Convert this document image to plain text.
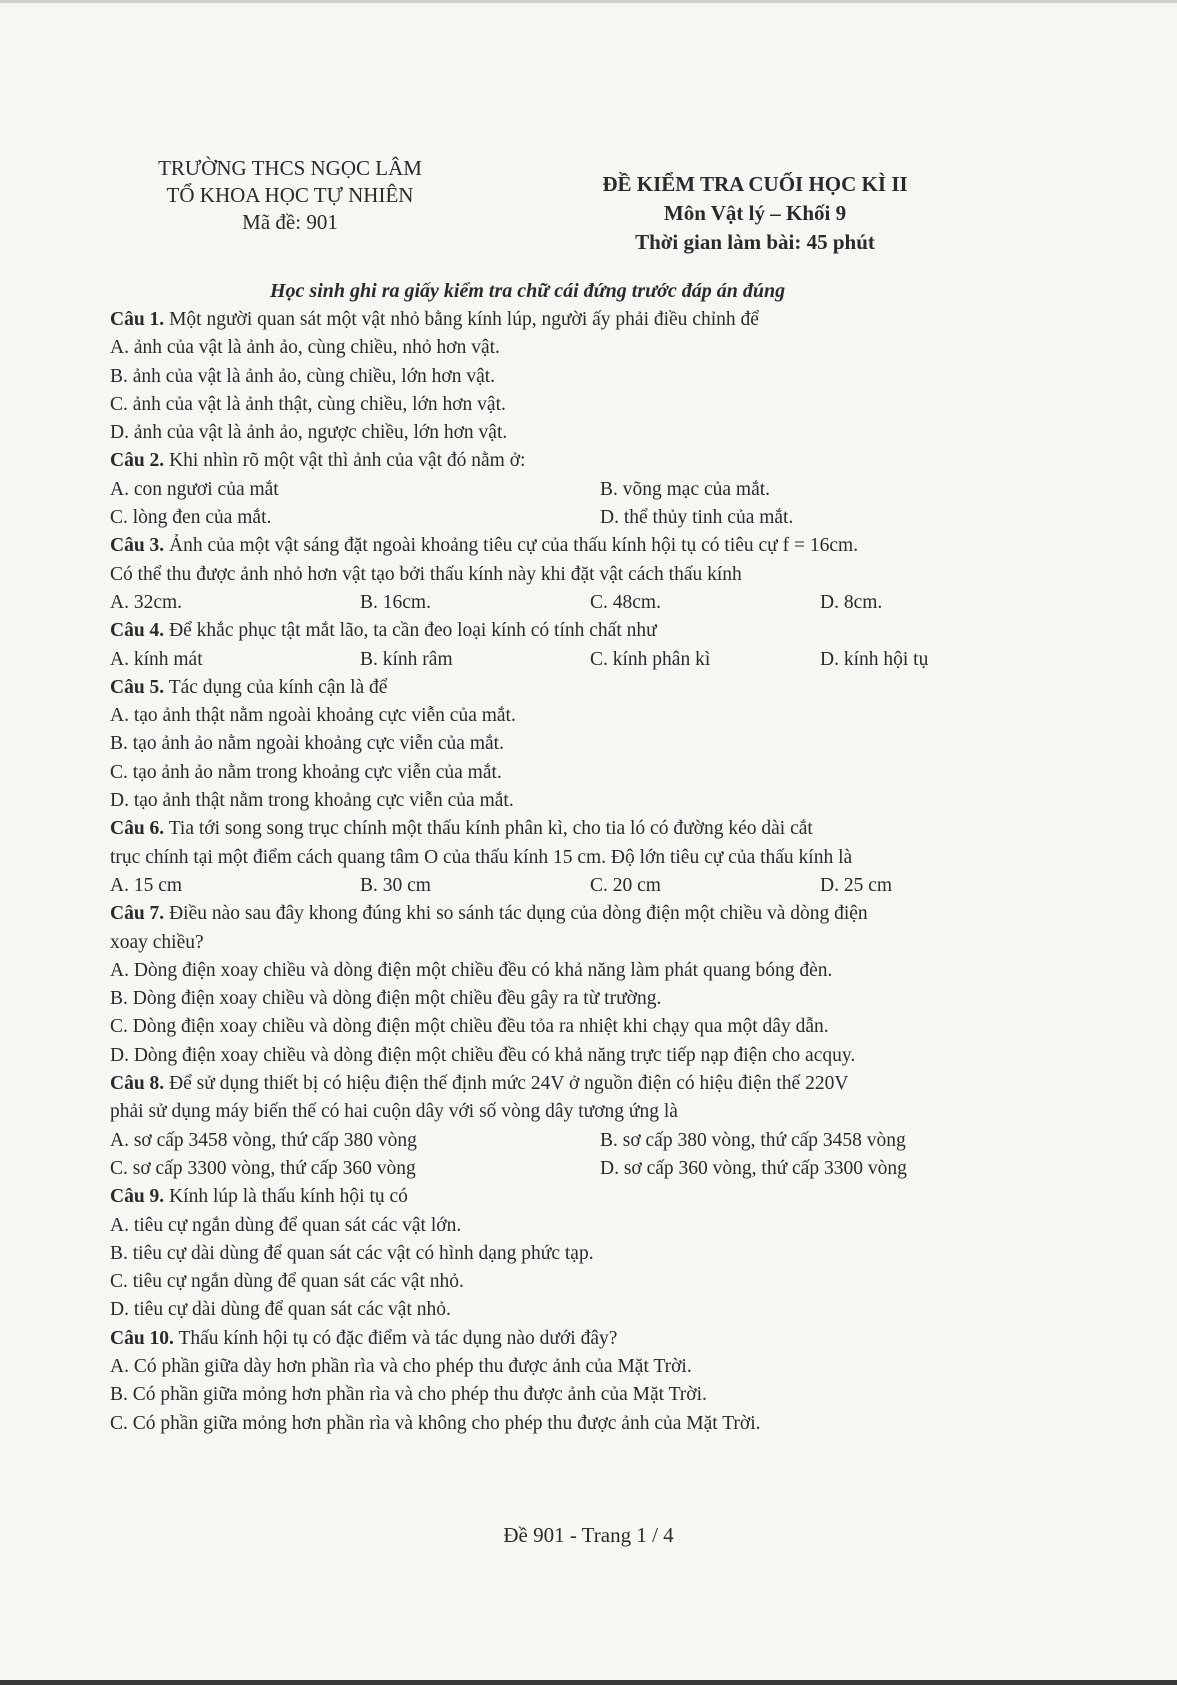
TRƯỜNG THCS NGỌC LÂM
TỔ KHOA HỌC TỰ NHIÊN
Mã đề: 901
ĐỀ KIỂM TRA CUỐI HỌC KÌ II
Môn Vật lý – Khối 9
Thời gian làm bài: 45 phút
Học sinh ghi ra giấy kiểm tra chữ cái đứng trước đáp án đúng
Câu 1. Một người quan sát một vật nhỏ bằng kính lúp, người ấy phải điều chỉnh để
A. ảnh của vật là ảnh ảo, cùng chiều, nhỏ hơn vật.
B. ảnh của vật là ảnh ảo, cùng chiều, lớn hơn vật.
C. ảnh của vật là ảnh thật, cùng chiều, lớn hơn vật.
D. ảnh của vật là ảnh ảo, ngược chiều, lớn hơn vật.
Câu 2. Khi nhìn rõ một vật thì ảnh của vật đó nằm ở:
A. con ngươi của mắt	B. võng mạc của mắt.
C. lòng đen của mắt.	D. thể thủy tinh của mắt.
Câu 3. Ảnh của một vật sáng đặt ngoài khoảng tiêu cự của thấu kính hội tụ có tiêu cự f = 16cm.
Có thể thu được ảnh nhỏ hơn vật tạo bởi thấu kính này khi đặt vật cách thấu kính
A. 32cm.	B. 16cm.	C. 48cm.	D. 8cm.
Câu 4. Để khắc phục tật mắt lão, ta cần đeo loại kính có tính chất như
A. kính mát	B. kính râm	C. kính phân kì	D. kính hội tụ
Câu 5. Tác dụng của kính cận là để
A. tạo ảnh thật nằm ngoài khoảng cực viễn của mắt.
B. tạo ảnh ảo nằm ngoài khoảng cực viễn của mắt.
C. tạo ảnh ảo nằm trong khoảng cực viễn của mắt.
D. tạo ảnh thật nằm trong khoảng cực viễn của mắt.
Câu 6. Tia tới song song trục chính một thấu kính phân kì, cho tia ló có đường kéo dài cắt
trục chính tại một điểm cách quang tâm O của thấu kính 15 cm. Độ lớn tiêu cự của thấu kính là
A. 15 cm	B. 30 cm	C. 20 cm	D. 25 cm
Câu 7. Điều nào sau đây khong đúng khi so sánh tác dụng của dòng điện một chiều và dòng điện
xoay chiều?
A. Dòng điện xoay chiều và dòng điện một chiều đều có khả năng làm phát quang bóng đèn.
B. Dòng điện xoay chiều và dòng điện một chiều đều gây ra từ trường.
C. Dòng điện xoay chiều và dòng điện một chiều đều tỏa ra nhiệt khi chạy qua một dây dẫn.
D. Dòng điện xoay chiều và dòng điện một chiều đều có khả năng trực tiếp nạp điện cho acquy.
Câu 8. Để sử dụng thiết bị có hiệu điện thế định mức 24V ở nguồn điện có hiệu điện thế 220V
phải sử dụng máy biến thế có hai cuộn dây với số vòng dây tương ứng là
A. sơ cấp 3458 vòng, thứ cấp 380 vòng	B. sơ cấp 380 vòng, thứ cấp 3458 vòng
C. sơ cấp 3300 vòng, thứ cấp 360 vòng	D. sơ cấp 360 vòng, thứ cấp 3300 vòng
Câu 9. Kính lúp là thấu kính hội tụ có
A. tiêu cự ngắn dùng để quan sát các vật lớn.
B. tiêu cự dài dùng để quan sát các vật có hình dạng phức tạp.
C. tiêu cự ngắn dùng để quan sát các vật nhỏ.
D. tiêu cự dài dùng để quan sát các vật nhỏ.
Câu 10. Thấu kính hội tụ có đặc điểm và tác dụng nào dưới đây?
A. Có phần giữa dày hơn phần rìa và cho phép thu được ảnh của Mặt Trời.
B. Có phần giữa mỏng hơn phần rìa và cho phép thu được ảnh của Mặt Trời.
C. Có phần giữa mỏng hơn phần rìa và không cho phép thu được ảnh của Mặt Trời.
Đề 901 - Trang 1 / 4
